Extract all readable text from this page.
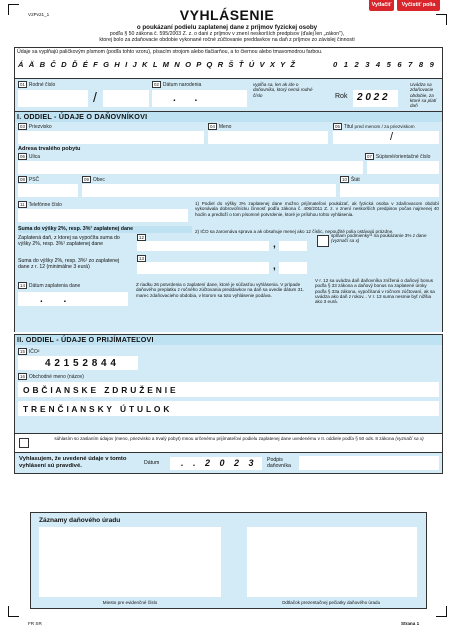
Vytlačiť	Vyčistiť polia
V2Pv21_1	VYHLÁSENIE
o poukázaní podielu zaplatenej dane z príjmov fyzickej osoby
podľa § 50 zákona č. 595/2003 Z. z. o dani z príjmov v znení neskorších predpisov (ďalej len „zákon"),
ktorej bolo za zdaňovacie obdobie vykonané ročné zúčtovanie preddavkov na daň z príjmov zo závislej činnosti
Údaje sa vyplňajú paličkovým písmom (podľa tohto vzoru), písacím strojom alebo tlačiarňou, a to čiernou alebo tmavomodrou farbou.
Á Ä B Č D Ď É F G H I J K L M N O P Q R Š Ť Ú V X Y Ž	0 1 2 3 4 5 6 7 8 9
01 Rodné číslo
/
02 Dátum narodenia
. .
vypĺňa sa, len ak ide o daňovníka, ktorý nemá rodné číslo	Rok 2 0 2 2
Uvádza sa zdaňovacie obdobie, za ktoré sa platí daň
I. ODDIEL - ÚDAJE O DAŇOVNÍKOVI
03 Priezvisko	04 Meno	05 Titul pred menom / za priezviskom
/
Adresa trvalého pobytu
06 Ulica	07 Súpisné/orientačné číslo
08 PSČ	09 Obec	10 Štát
11 Telefónne číslo	1) Podiel do výšky 3% zaplatenej dane možno prijímateľovi poukázať, ak fyzická osoba v zdaňovacom období vykonávala dobrovoľnícku činnosť podľa zákona č. 406/2011 Z. z. v znení neskorších predpisov počas najmenej 40 hodín a predloží o tom písomné potvrdenie, ktoré je prílohou tohto vyhlásenia.
2) IČO sa zarovnáva sprava a ak obsahuje menej ako 12 číslic, nepoužité polia ostávajú prázdne.
Suma do výšky 2%, resp. 3%¹ zaplatenej dane
Zaplatená daň, z ktorej sa vypočíta suma do výšky 2%, resp. 3%¹ zaplatenej dane
12
,
splňam podmienky¹¹ na poukázanie 3% z dane (vyznačí sa x)
Suma do výšky 2%, resp. 3%¹ zo zaplatenej dane z r. 12 (minimálne 3 eurá)
13
,
V r. 12 sa uvádza daň daňovníka znížená o daňový bonus podľa § 33 zákona a daňový bonus na zaplatené úroky podľa § 33a zákona, vypočítaná v ročnom zúčtovaní, ak sa uvádza ako daň z rokov... V r. 13 suma nesmie byť nižšia ako 3 eurá.
14 Dátum zaplatenia dane
. .
Z riadku 26 potvrdenia o zaplatení dane, ktoré je súčasťou vyhlásenia. V prípade daňového preplatku z ročného zúčtovania preddavkov na daň sa uvedie dátum 31. marec zdaňovacieho obdobia, v ktorom sa toto vyhlásenie podáva.
II. ODDIEL - ÚDAJE O PRIJÍMATEĽOVI
15 IČO²
4 2 1 5 2 8 4 4
16 Obchodné meno (názov)
O B Č I A N S K E   Z D R U Ž E N I E
T R E N Č I A N S K Y   Ú T U L O K
súhlasím so zaslaním údajov (meno, priezvisko a trvalý pobyt) mnou určenému prijímateľovi podielu zaplatenej dane uvedenému v II. oddiele podľa § 50 ods. 8 zákona (vyznačí sa x)
Vyhlasujem, že uvedené údaje v tomto vyhlásení sú pravdivé.	Dátum . . 2 0 2 3	Podpis daňovníka
Záznamy daňového úradu
Miesto pre evidenčné číslo	Odtlačok prezentačnej pečiatky daňového úradu
FR SR	Strana 1
